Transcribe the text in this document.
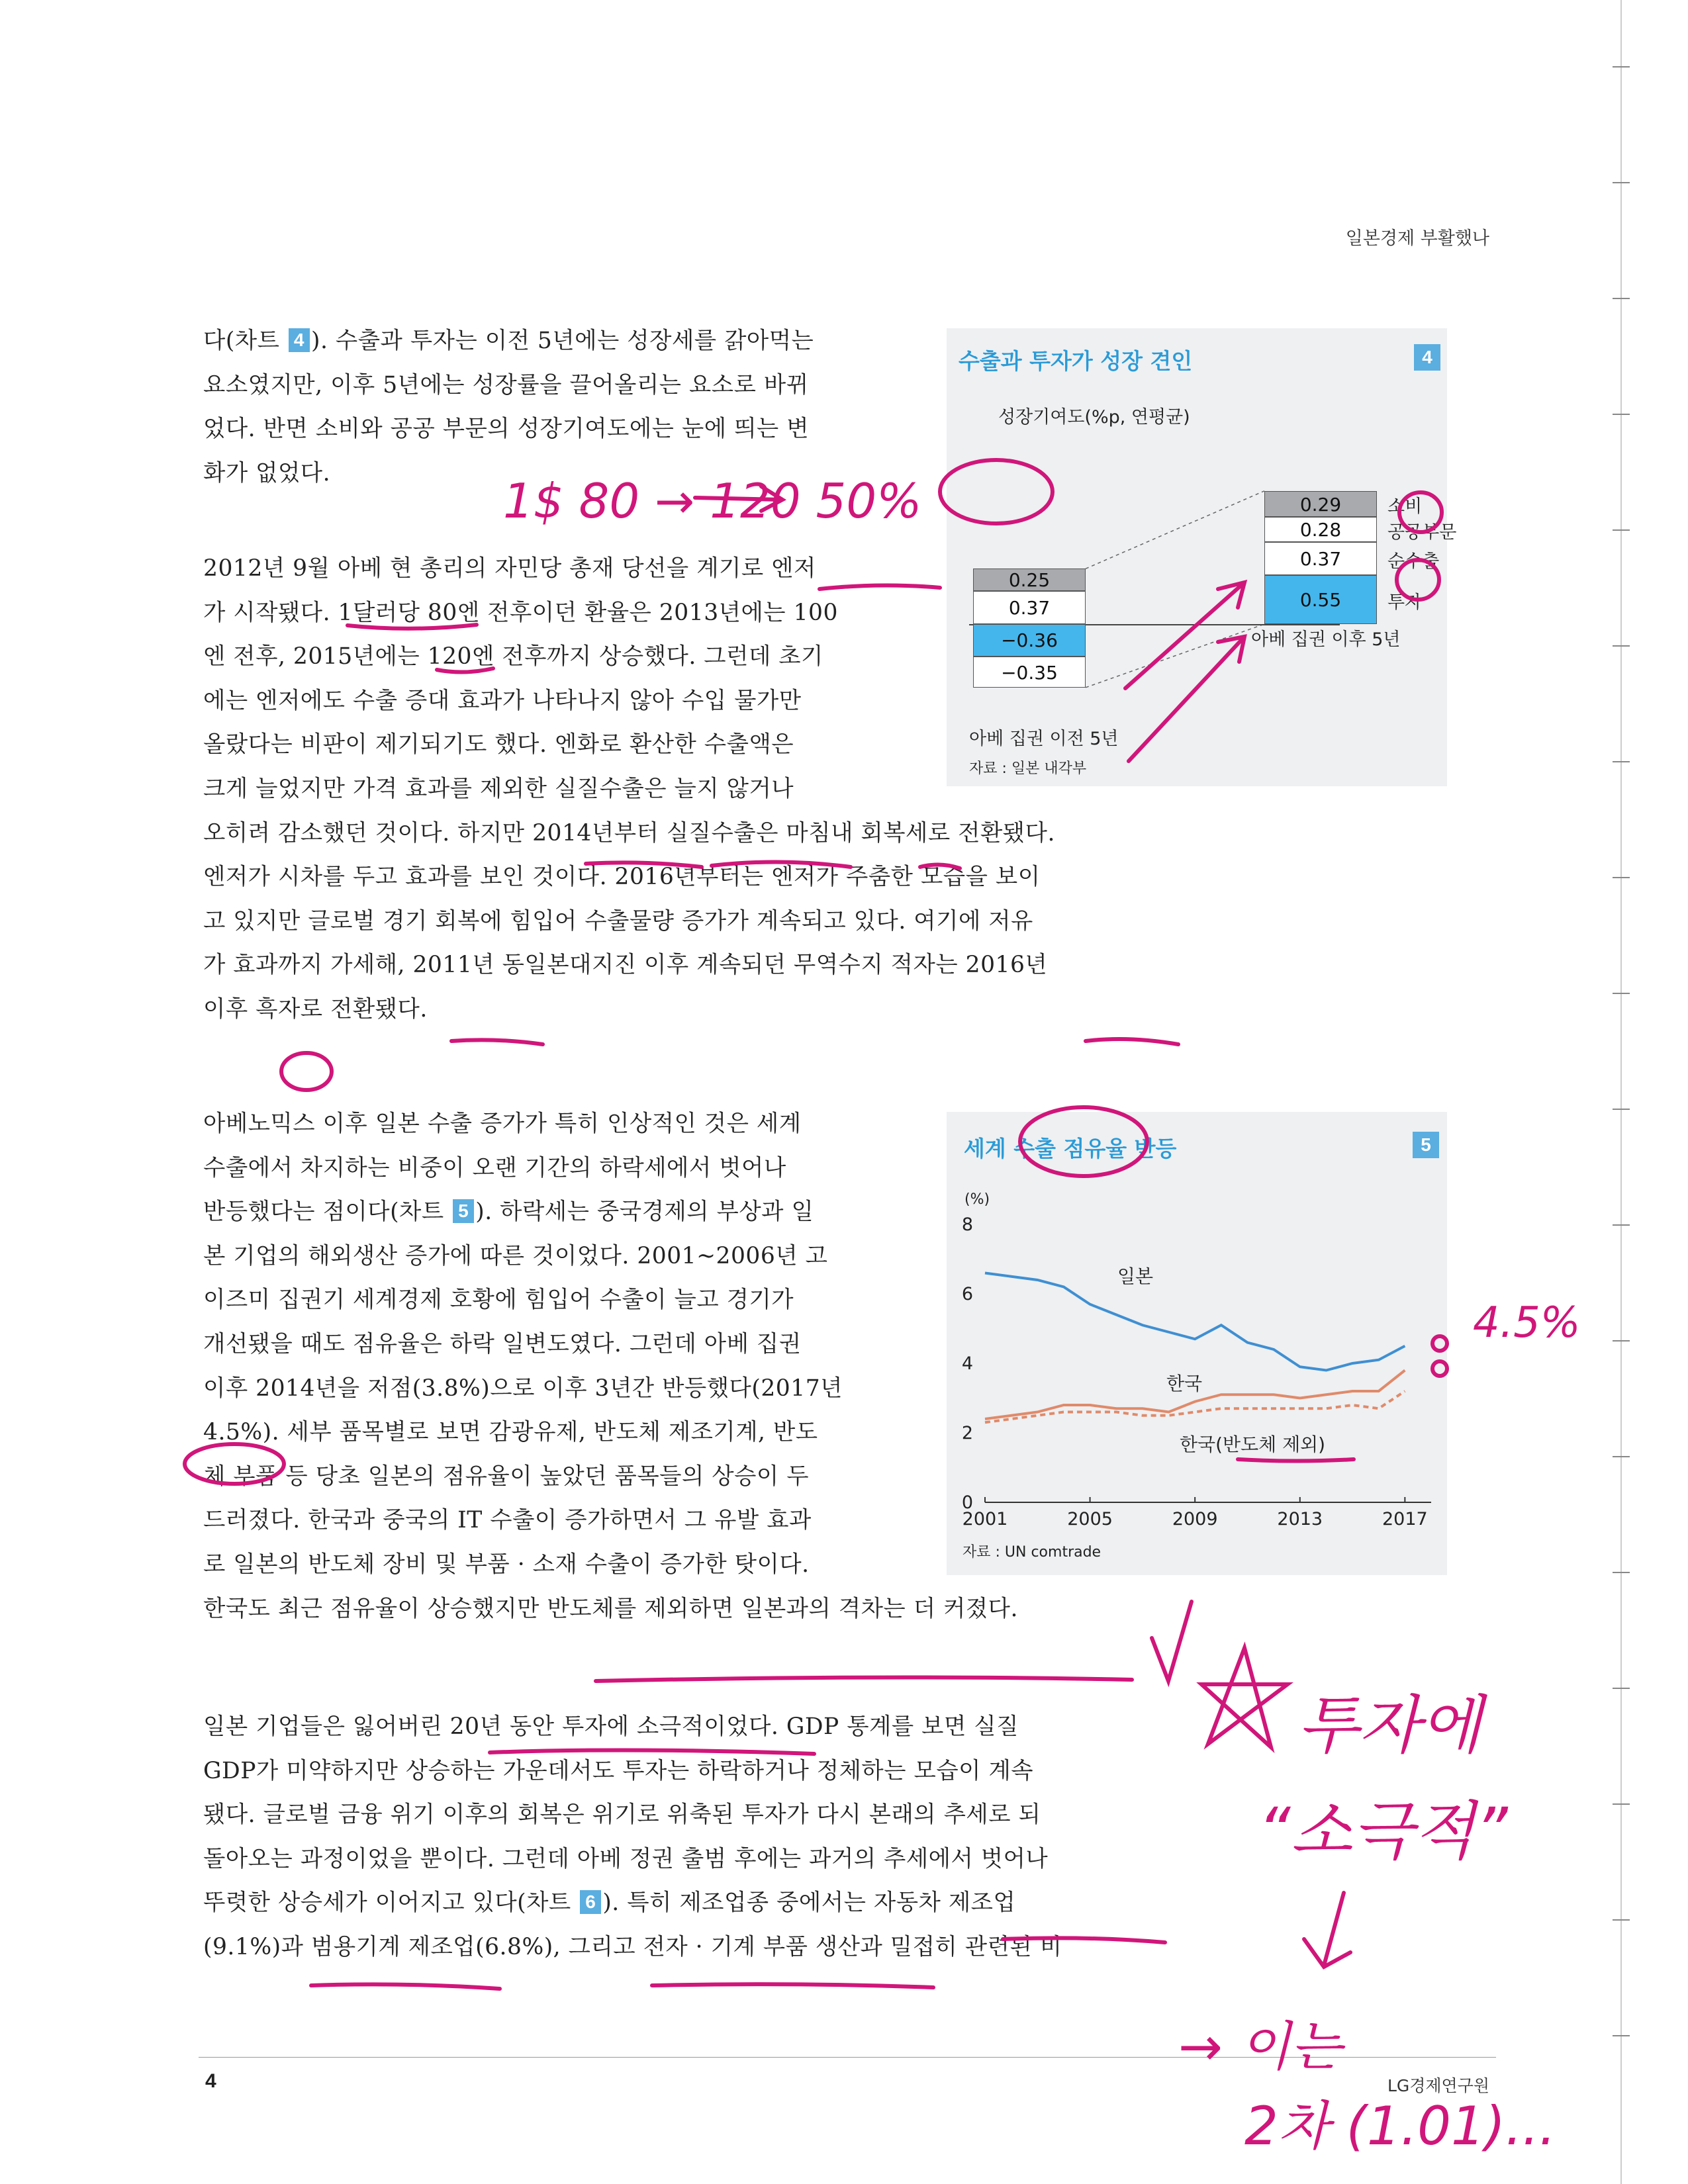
일본경제 부활했나
4	LG경제연구원
다(차트 4 ). 수출과 투자는 이전 5년에는 성장세를 갉아먹는
요소였지만, 이후 5년에는 성장률을 끌어올리는 요소로 바뀌
었다. 반면 소비와 공공 부문의 성장기여도에는 눈에 띄는 변
화가 없었다.
2012년 9월 아베 현 총리의 자민당 총재 당선을 계기로 엔저
가 시작됐다. 1달러당 80엔 전후이던 환율은 2013년에는 100
엔 전후, 2015년에는 120엔 전후까지 상승했다. 그런데 초기
에는 엔저에도 수출 증대 효과가 나타나지 않아 수입 물가만
올랐다는 비판이 제기되기도 했다. 엔화로 환산한 수출액은
크게 늘었지만 가격 효과를 제외한 실질수출은 늘지 않거나
오히려 감소했던 것이다. 하지만 2014년부터 실질수출은 마침내 회복세로 전환됐다.
엔저가 시차를 두고 효과를 보인 것이다. 2016년부터는 엔저가 주춤한 모습을 보이
고 있지만 글로벌 경기 회복에 힘입어 수출물량 증가가 계속되고 있다. 여기에 저유
가 효과까지 가세해, 2011년 동일본대지진 이후 계속되던 무역수지 적자는 2016년
이후 흑자로 전환됐다.
아베노믹스 이후 일본 수출 증가가 특히 인상적인 것은 세계
수출에서 차지하는 비중이 오랜 기간의 하락세에서 벗어나
반등했다는 점이다(차트 5 ). 하락세는 중국경제의 부상과 일
본 기업의 해외생산 증가에 따른 것이었다. 2001~2006년 고
이즈미 집권기 세계경제 호황에 힘입어 수출이 늘고 경기가
개선됐을 때도 점유율은 하락 일변도였다. 그런데 아베 집권
이후 2014년을 저점(3.8%)으로 이후 3년간 반등했다(2017년
4.5%). 세부 품목별로 보면 감광유제, 반도체 제조기계, 반도
체 부품 등 당초 일본의 점유율이 높았던 품목들의 상승이 두
드러졌다. 한국과 중국의 IT 수출이 증가하면서 그 유발 효과
로 일본의 반도체 장비 및 부품 · 소재 수출이 증가한 탓이다.
한국도 최근 점유율이 상승했지만 반도체를 제외하면 일본과의 격차는 더 커졌다.
일본 기업들은 잃어버린 20년 동안 투자에 소극적이었다. GDP 통계를 보면 실질
GDP가 미약하지만 상승하는 가운데서도 투자는 하락하거나 정체하는 모습이 계속
됐다. 글로벌 금융 위기 이후의 회복은 위기로 위축된 투자가 다시 본래의 추세로 되
돌아오는 과정이었을 뿐이다. 그런데 아베 정권 출범 후에는 과거의 추세에서 벗어나
뚜렷한 상승세가 이어지고 있다(차트 6 ). 특히 제조업종 중에서는 자동차 제조업
(9.1%)과 범용기계 제조업(6.8%), 그리고 전자 · 기계 부품 생산과 밀접히 관련된 비
수출과 투자가 성장 견인	4
성장기여도(%p, 연평균)
아베 집권 이전 5년
아베 집권 이후 5년
자료 : 일본 내각부
−0.36
−0.35
0.37
0.25
0.55
0.37
0.28
0.29
투자
순수출
공공부문
소비
세계 수출 점유율 반등	5
(%)
0
2
4
6
8
2001	2005	2009	2013	2017
일본
한국
한국(반도체 제외)
자료 : UN comtrade
1$ 80 → 120 50%
4.5%
투자에
“소극적”
→ 이는
2차 (1.01)...
